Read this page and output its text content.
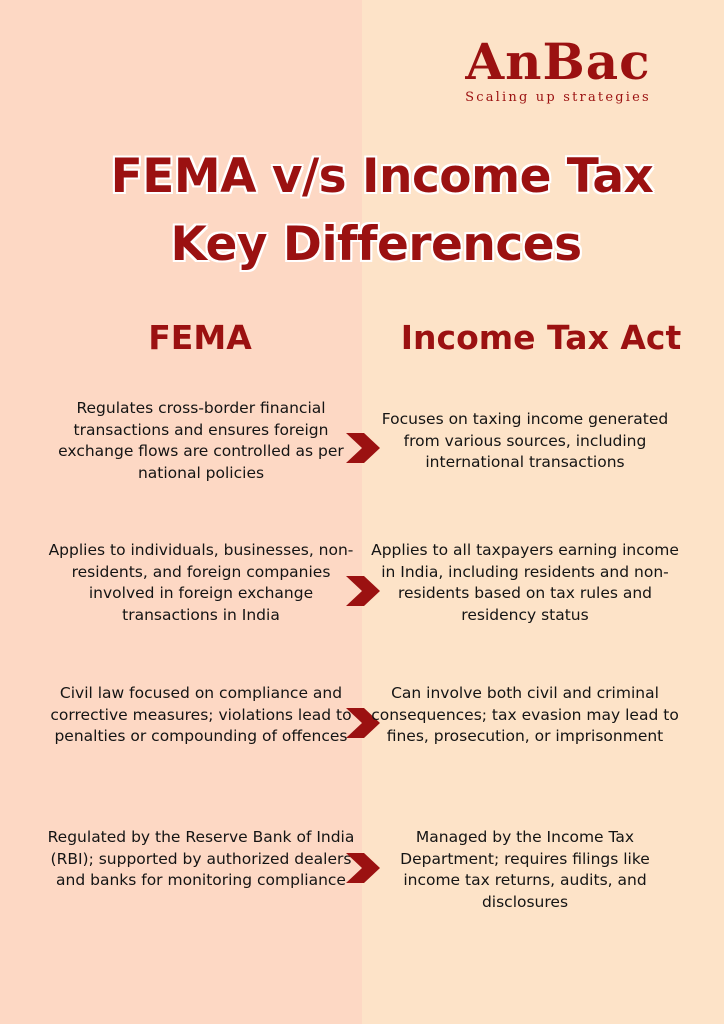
AnBac
Scaling up strategies
FEMA v/s Income Tax
Key Differences
FEMA	Income Tax Act
Regulates cross-border financial transactions and ensures foreign exchange flows are controlled as per national policies
Focuses on taxing income generated from various sources, including international transactions
Applies to individuals, businesses, non-residents, and foreign companies involved in foreign exchange transactions in India
Applies to all taxpayers earning income in India, including residents and non-residents based on tax rules and residency status
Civil law focused on compliance and corrective measures; violations lead to penalties or compounding of offences
Can involve both civil and criminal consequences; tax evasion may lead to fines, prosecution, or imprisonment
Regulated by the Reserve Bank of India (RBI); supported by authorized dealers and banks for monitoring compliance
Managed by the Income Tax Department; requires filings like income tax returns, audits, and disclosures
